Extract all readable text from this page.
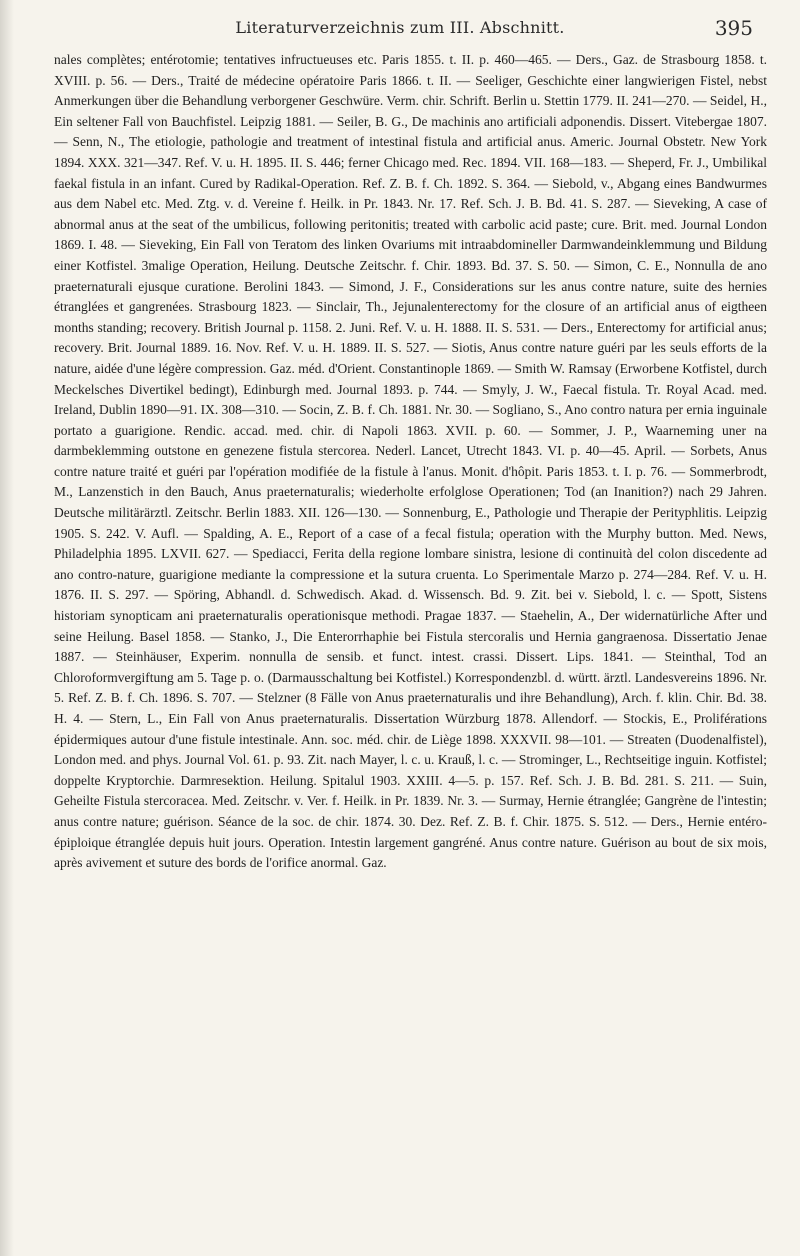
Literaturverzeichnis zum III. Abschnitt.	395

nales complètes; entérotomie; tentatives infructueuses etc. Paris 1855. t. II. p. 460—465. — Ders., Gaz. de Strasbourg 1858. t. XVIII. p. 56. — Ders., Traité de médecine opératoire Paris 1866. t. II. — Seeliger, Geschichte einer langwierigen Fistel, nebst Anmerkungen über die Behandlung verborgener Geschwüre. Verm. chir. Schrift. Berlin u. Stettin 1779. II. 241—270. — Seidel, H., Ein seltener Fall von Bauchfistel. Leipzig 1881. — Seiler, B. G., De machinis ano artificiali adponendis. Dissert. Vitebergae 1807. — Senn, N., The etiologie, pathologie and treatment of intestinal fistula and artificial anus. Americ. Journal Obstetr. New York 1894. XXX. 321—347. Ref. V. u. H. 1895. II. S. 446; ferner Chicago med. Rec. 1894. VII. 168—183. — Sheperd, Fr. J., Umbilikal faekal fistula in an infant. Cured by Radikal-Operation. Ref. Z. B. f. Ch. 1892. S. 364. — Siebold, v., Abgang eines Bandwurmes aus dem Nabel etc. Med. Ztg. v. d. Vereine f. Heilk. in Pr. 1843. Nr. 17. Ref. Sch. J. B. Bd. 41. S. 287. — Sieveking, A case of abnormal anus at the seat of the umbilicus, following peritonitis; treated with carbolic acid paste; cure. Brit. med. Journal London 1869. I. 48. — Sieveking, Ein Fall von Teratom des linken Ovariums mit intraabdomineller Darmwandeinklemmung und Bildung einer Kotfistel. 3malige Operation, Heilung. Deutsche Zeitschr. f. Chir. 1893. Bd. 37. S. 50. — Simon, C. E., Nonnulla de ano praeternaturali ejusque curatione. Berolini 1843. — Simond, J. F., Considerations sur les anus contre nature, suite des hernies étranglées et gangrenées. Strasbourg 1823. — Sinclair, Th., Jejunalenterectomy for the closure of an artificial anus of eigtheen months standing; recovery. British Journal p. 1158. 2. Juni. Ref. V. u. H. 1888. II. S. 531. — Ders., Enterectomy for artificial anus; recovery. Brit. Journal 1889. 16. Nov. Ref. V. u. H. 1889. II. S. 527. — Siotis, Anus contre nature guéri par les seuls efforts de la nature, aidée d'une légère compression. Gaz. méd. d'Orient. Constantinople 1869. — Smith W. Ramsay (Erworbene Kotfistel, durch Meckelsches Divertikel bedingt), Edinburgh med. Journal 1893. p. 744. — Smyly, J. W., Faecal fistula. Tr. Royal Acad. med. Ireland, Dublin 1890—91. IX. 308—310. — Socin, Z. B. f. Ch. 1881. Nr. 30. — Sogliano, S., Ano contro natura per ernia inguinale portato a guarigione. Rendic. accad. med. chir. di Napoli 1863. XVII. p. 60. — Sommer, J. P., Waarneming uner na darmbeklemming outstone en genezene fistula stercorea. Nederl. Lancet, Utrecht 1843. VI. p. 40—45. April. — Sorbets, Anus contre nature traité et guéri par l'opération modifiée de la fistule à l'anus. Monit. d'hôpit. Paris 1853. t. I. p. 76. — Sommerbrodt, M., Lanzenstich in den Bauch, Anus praeternaturalis; wiederholte erfolglose Operationen; Tod (an Inanition?) nach 29 Jahren. Deutsche militärärztl. Zeitschr. Berlin 1883. XII. 126—130. — Sonnenburg, E., Pathologie und Therapie der Perityphlitis. Leipzig 1905. S. 242. V. Aufl. — Spalding, A. E., Report of a case of a fecal fistula; operation with the Murphy button. Med. News, Philadelphia 1895. LXVII. 627. — Spediacci, Ferita della regione lombare sinistra, lesione di continuità del colon discedente ad ano contro-nature, guarigione mediante la compressione et la sutura cruenta. Lo Sperimentale Marzo p. 274—284. Ref. V. u. H. 1876. II. S. 297. — Spöring, Abhandl. d. Schwedisch. Akad. d. Wissensch. Bd. 9. Zit. bei v. Siebold, l. c. — Spott, Sistens historiam synopticam ani praeternaturalis operationisque methodi. Pragae 1837. — Staehelin, A., Der widernatürliche After und seine Heilung. Basel 1858. — Stanko, J., Die Enterorrhaphie bei Fistula stercoralis und Hernia gangraenosa. Dissertatio Jenae 1887. — Steinhäuser, Experim. nonnulla de sensib. et funct. intest. crassi. Dissert. Lips. 1841. — Steinthal, Tod an Chloroformvergiftung am 5. Tage p. o. (Darmausschaltung bei Kotfistel.) Korrespondenzbl. d. württ. ärztl. Landesvereins 1896. Nr. 5. Ref. Z. B. f. Ch. 1896. S. 707. — Stelzner (8 Fälle von Anus praeternaturalis und ihre Behandlung), Arch. f. klin. Chir. Bd. 38. H. 4. — Stern, L., Ein Fall von Anus praeternaturalis. Dissertation Würzburg 1878. Allendorf. — Stockis, E., Proliférations épidermiques autour d'une fistule intestinale. Ann. soc. méd. chir. de Liège 1898. XXXVII. 98—101. — Streaten (Duodenalfistel), London med. and phys. Journal Vol. 61. p. 93. Zit. nach Mayer, l. c. u. Krauß, l. c. — Strominger, L., Rechtseitige inguin. Kotfistel; doppelte Kryptorchie. Darmresektion. Heilung. Spitalul 1903. XXIII. 4—5. p. 157. Ref. Sch. J. B. Bd. 281. S. 211. — Suin, Geheilte Fistula stercoracea. Med. Zeitschr. v. Ver. f. Heilk. in Pr. 1839. Nr. 3. — Surmay, Hernie étranglée; Gangrène de l'intestin; anus contre nature; guérison. Séance de la soc. de chir. 1874. 30. Dez. Ref. Z. B. f. Chir. 1875. S. 512. — Ders., Hernie entéro-épiploique étranglée depuis huit jours. Operation. Intestin largement gangréné. Anus contre nature. Guérison au bout de six mois, après avivement et suture des bords de l'orifice anormal. Gaz.
